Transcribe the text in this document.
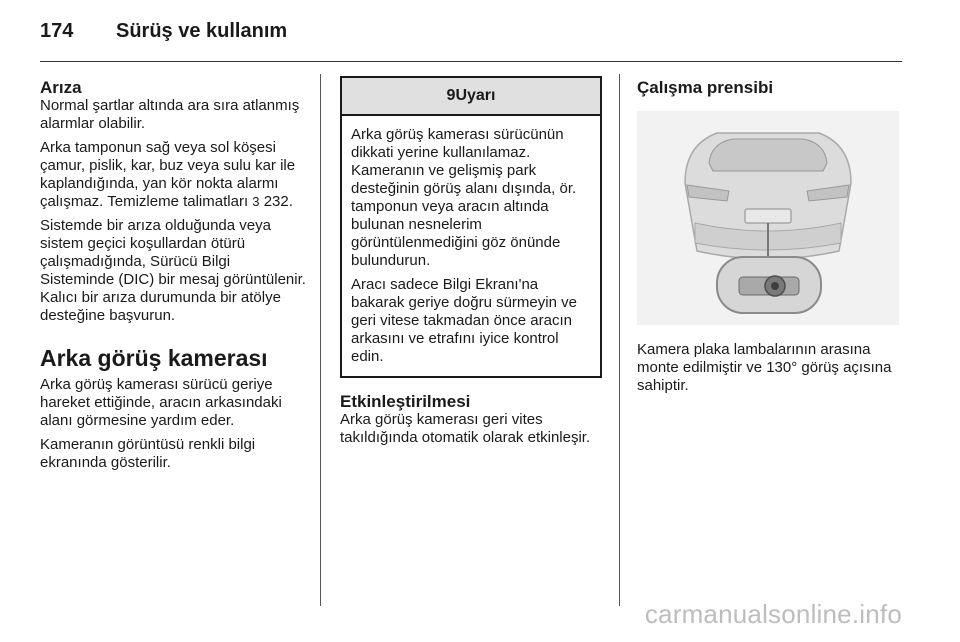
174 Sürüş ve kullanım
Arıza

Normal şartlar altında ara sıra atlanmış alarmlar olabilir.

Arka tamponun sağ veya sol köşesi çamur, pislik, kar, buz veya sulu kar ile kaplandığında, yan kör nokta alarmı çalışmaz. Temizleme talimatları 3 232.

Sistemde bir arıza olduğunda veya sistem geçici koşullardan ötürü çalışmadığında, Sürücü Bilgi Sisteminde (DIC) bir mesaj görüntülenir. Kalıcı bir arıza durumunda bir atölye desteğine başvurun.

Arka görüş kamerası

Arka görüş kamerası sürücü geriye hareket ettiğinde, aracın arkasındaki alanı görmesine yardım eder.

Kameranın görüntüsü renkli bilgi ekranında gösterilir.

9Uyarı

Arka görüş kamerası sürücünün dikkati yerine kullanılamaz. Kameranın ve gelişmiş park desteğinin görüş alanı dışında, ör. tamponun veya aracın altında bulunan nesnelerim görüntülenmediğini göz önünde bulundurun.

Aracı sadece Bilgi Ekranı'na bakarak geriye doğru sürmeyin ve geri vitese takmadan önce aracın arkasını ve etrafını iyice kontrol edin.

Etkinleştirilmesi

Arka görüş kamerası geri vites takıldığında otomatik olarak etkinleşir.

Çalışma prensibi

Kamera plaka lambalarının arasına monte edilmiştir ve 130° görüş açısına sahiptir.

carmanualsonline.info
